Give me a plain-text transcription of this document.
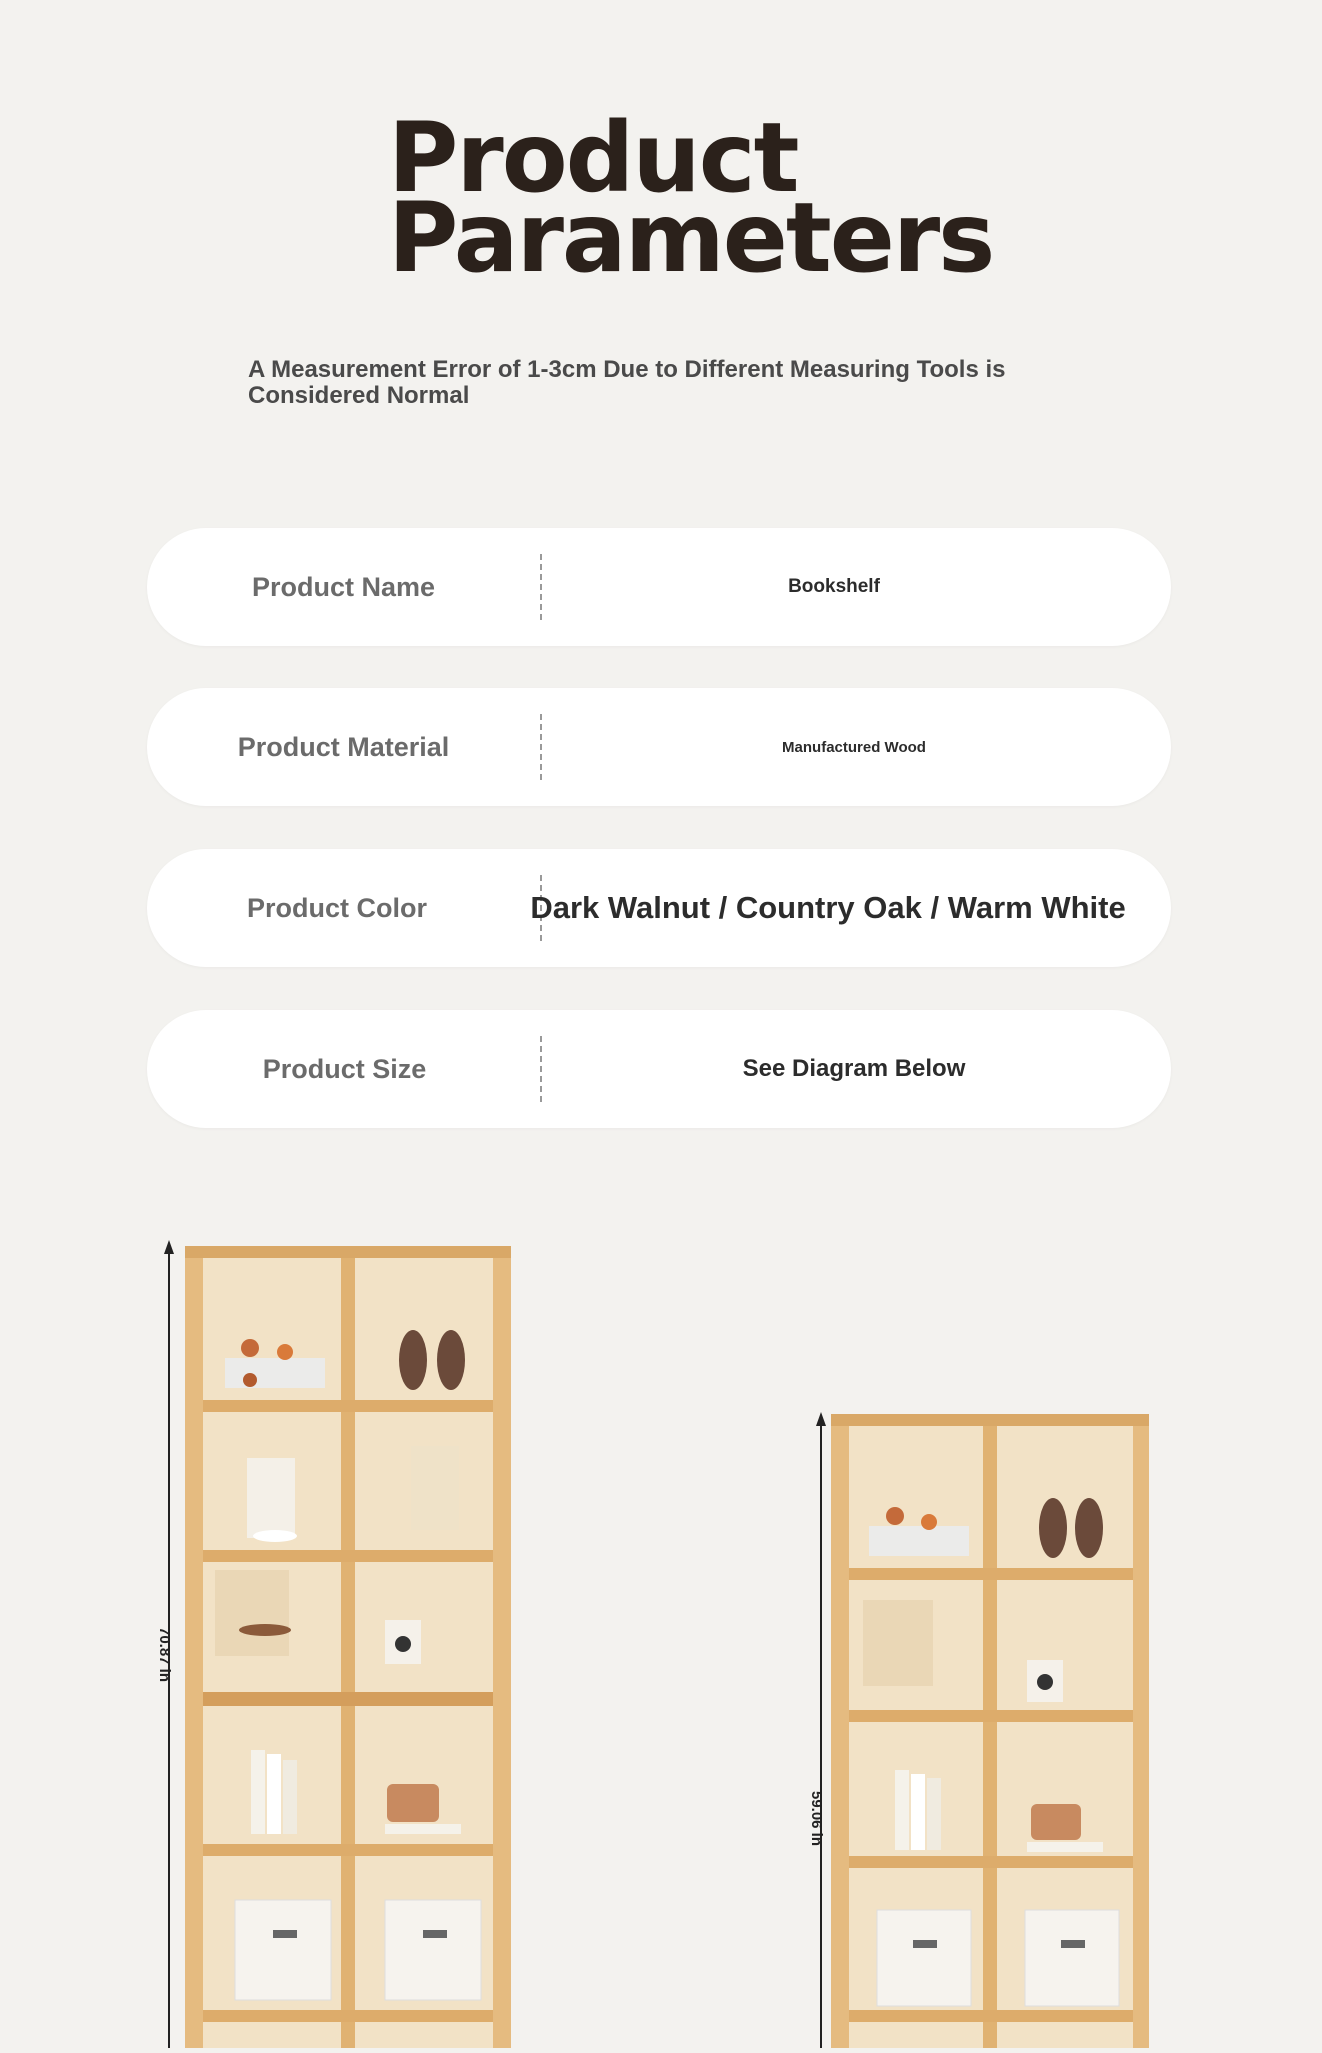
Product
Parameters
A Measurement Error of 1-3cm Due to Different Measuring Tools is Considered Normal
Product Name	Bookshelf
Product Material	Manufactured Wood
Product Color	Dark Walnut / Country Oak / Warm White
Product Size	See Diagram Below
70.87 in
59.06 in
